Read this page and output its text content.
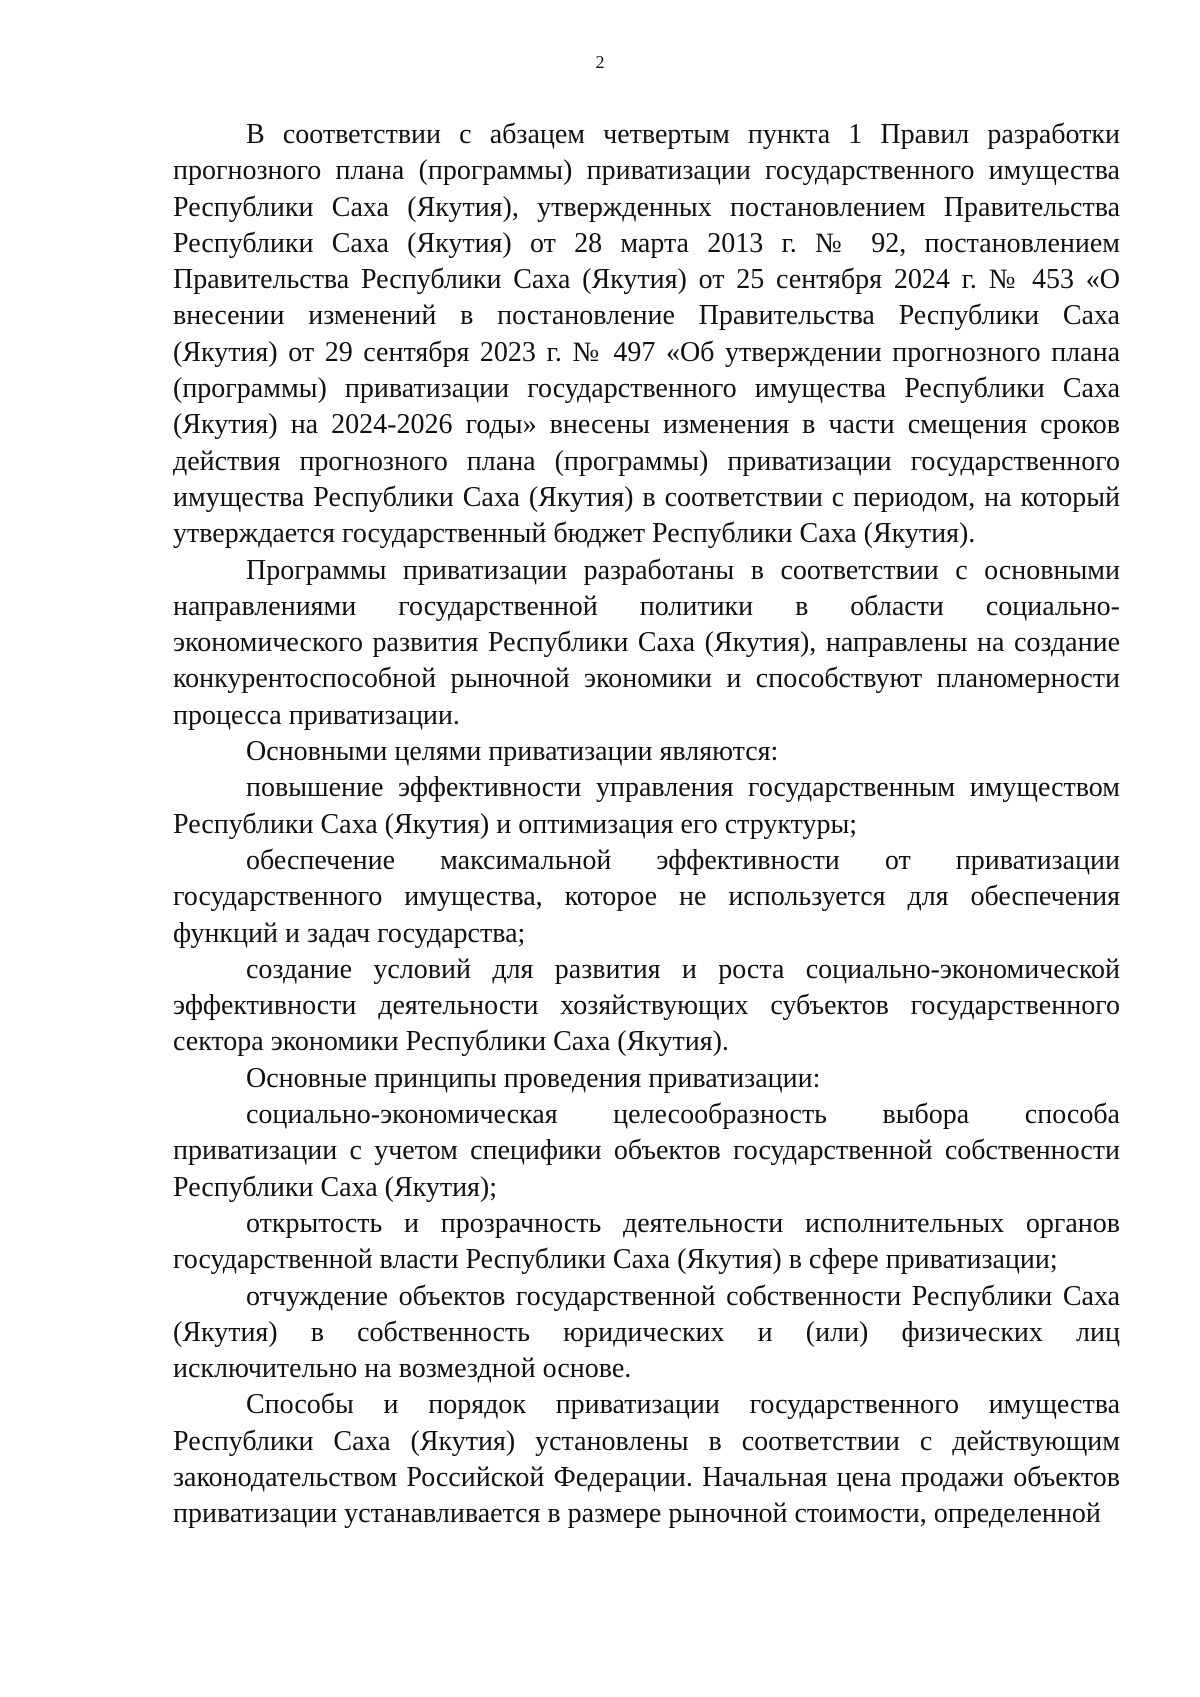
2

В соответствии с абзацем четвертым пункта 1 Правил разработки прогнозного плана (программы) приватизации государственного имущества Республики Саха (Якутия), утвержденных постановлением Правительства Республики Саха (Якутия) от 28 марта 2013 г. № 92, постановлением Правительства Республики Саха (Якутия) от 25 сентября 2024 г. № 453 «О внесении изменений в постановление Правительства Республики Саха (Якутия) от 29 сентября 2023 г. № 497 «Об утверждении прогнозного плана (программы) приватизации государственного имущества Республики Саха (Якутия) на 2024-2026 годы» внесены изменения в части смещения сроков действия прогнозного плана (программы) приватизации государственного имущества Республики Саха (Якутия) в соответствии с периодом, на который утверждается государственный бюджет Республики Саха (Якутия).

Программы приватизации разработаны в соответствии с основными направлениями государственной политики в области социально-экономического развития Республики Саха (Якутия), направлены на создание конкурентоспособной рыночной экономики и способствуют планомерности процесса приватизации.

Основными целями приватизации являются:

повышение эффективности управления государственным имуществом Республики Саха (Якутия) и оптимизация его структуры;

обеспечение максимальной эффективности от приватизации государственного имущества, которое не используется для обеспечения функций и задач государства;

создание условий для развития и роста социально-экономической эффективности деятельности хозяйствующих субъектов государственного сектора экономики Республики Саха (Якутия).

Основные принципы проведения приватизации:

социально-экономическая целесообразность выбора способа приватизации с учетом специфики объектов государственной собственности Республики Саха (Якутия);

открытость и прозрачность деятельности исполнительных органов государственной власти Республики Саха (Якутия) в сфере приватизации;

отчуждение объектов государственной собственности Республики Саха (Якутия) в собственность юридических и (или) физических лиц исключительно на возмездной основе.

Способы и порядок приватизации государственного имущества Республики Саха (Якутия) установлены в соответствии с действующим законодательством Российской Федерации. Начальная цена продажи объектов приватизации устанавливается в размере рыночной стоимости, определенной
